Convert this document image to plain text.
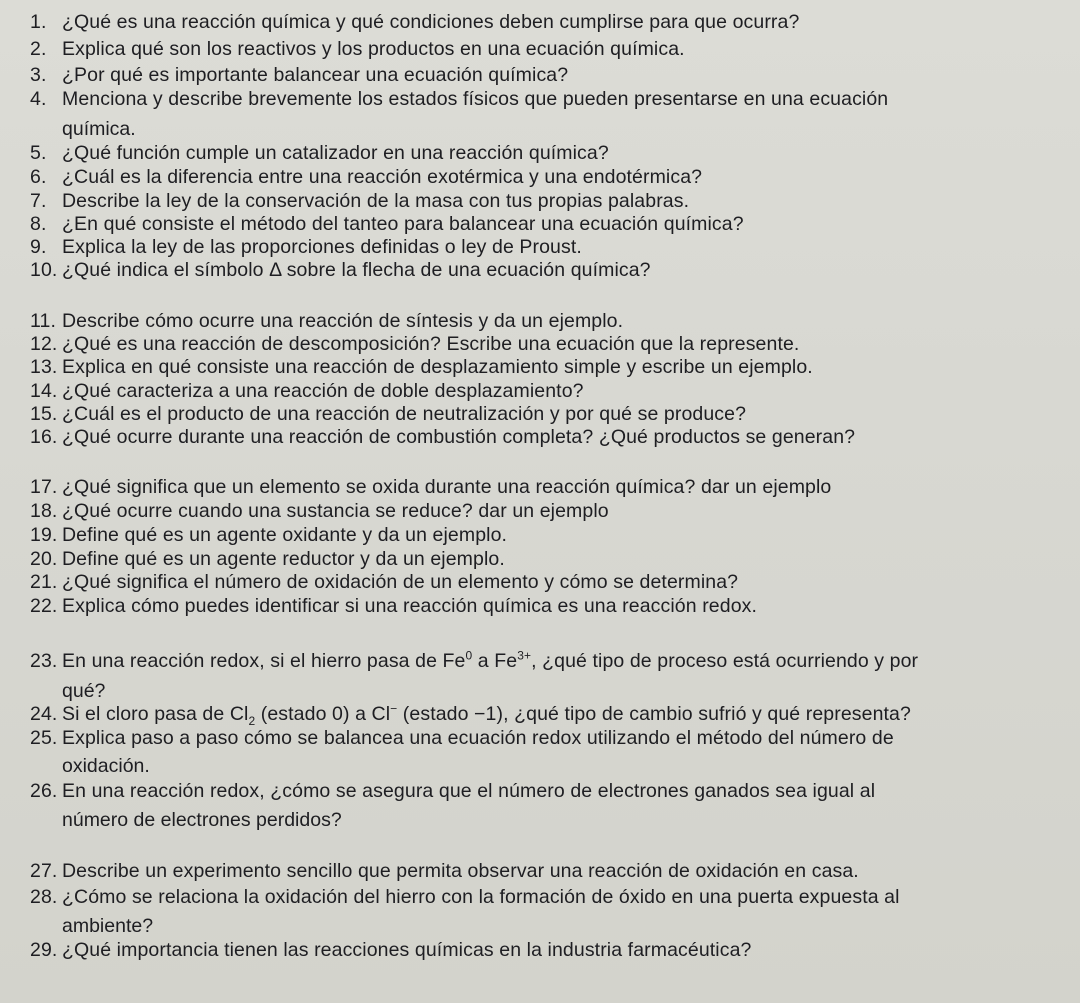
1. ¿Qué es una reacción química y qué condiciones deben cumplirse para que ocurra?
2. Explica qué son los reactivos y los productos en una ecuación química.
3. ¿Por qué es importante balancear una ecuación química?
4. Menciona y describe brevemente los estados físicos que pueden presentarse en una ecuación
química.
5. ¿Qué función cumple un catalizador en una reacción química?
6. ¿Cuál es la diferencia entre una reacción exotérmica y una endotérmica?
7. Describe la ley de la conservación de la masa con tus propias palabras.
8. ¿En qué consiste el método del tanteo para balancear una ecuación química?
9. Explica la ley de las proporciones definidas o ley de Proust.
10. ¿Qué indica el símbolo Δ sobre la flecha de una ecuación química?
11. Describe cómo ocurre una reacción de síntesis y da un ejemplo.
12. ¿Qué es una reacción de descomposición? Escribe una ecuación que la represente.
13. Explica en qué consiste una reacción de desplazamiento simple y escribe un ejemplo.
14. ¿Qué caracteriza a una reacción de doble desplazamiento?
15. ¿Cuál es el producto de una reacción de neutralización y por qué se produce?
16. ¿Qué ocurre durante una reacción de combustión completa? ¿Qué productos se generan?
17. ¿Qué significa que un elemento se oxida durante una reacción química? dar un ejemplo
18. ¿Qué ocurre cuando una sustancia se reduce? dar un ejemplo
19. Define qué es un agente oxidante y da un ejemplo.
20. Define qué es un agente reductor y da un ejemplo.
21. ¿Qué significa el número de oxidación de un elemento y cómo se determina?
22. Explica cómo puedes identificar si una reacción química es una reacción redox.
23. En una reacción redox, si el hierro pasa de Fe$^0$ a $Fe^{3+}$, ¿qué tipo de proceso está ocurriendo y por
qué?
24. Si el cloro pasa de $Cl_2$ (estado 0) a Cl− (estado −1), ¿qué tipo de cambio sufrió y qué representa?
25. Explica paso a paso cómo se balancea una ecuación redox utilizando el método del número de
oxidación.
26. En una reacción redox, ¿cómo se asegura que el número de electrones ganados sea igual al
número de electrones perdidos?
27. Describe un experimento sencillo que permita observar una reacción de oxidación en casa.
28. ¿Cómo se relaciona la oxidación del hierro con la formación de óxido en una puerta expuesta al
ambiente?
29. ¿Qué importancia tienen las reacciones químicas en la industria farmacéutica?
